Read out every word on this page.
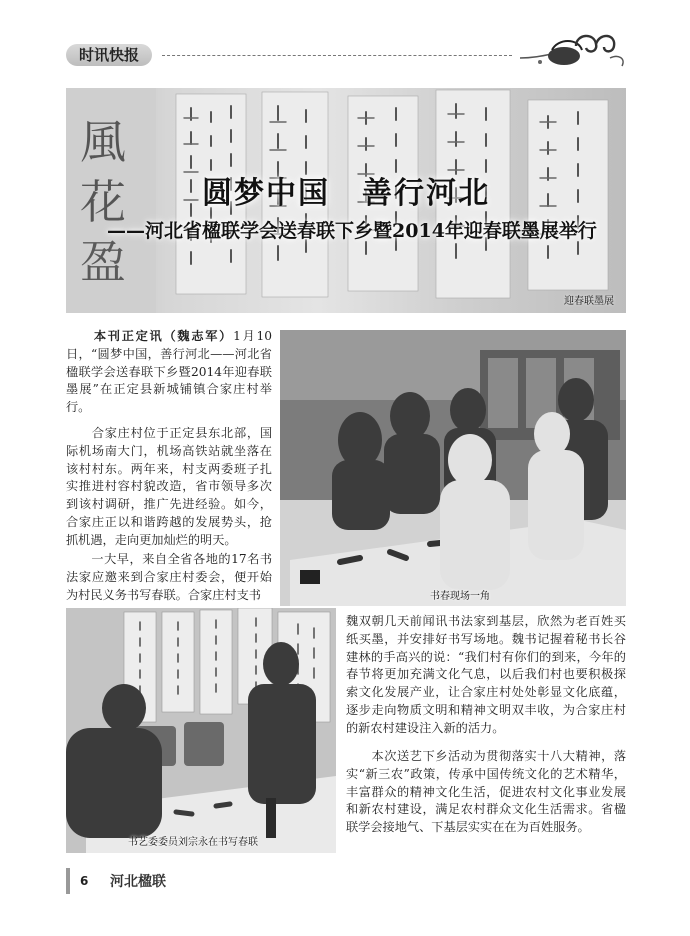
时讯快报
風
花
盈
圆梦中国　善行河北
——河北省楹联学会送春联下乡暨2014年迎春联墨展举行
迎春联墨展

　　本刊正定讯（魏志军）1月10日，“圆梦中国，善行河北——河北省楹联学会送春联下乡暨2014年迎春联墨展”在正定县新城铺镇合家庄村举行。

　　合家庄村位于正定县东北部，国际机场南大门，机场高铁站就坐落在该村村东。两年来，村支两委班子扎实推进村容村貌改造，省市领导多次到该村调研，推广先进经验。如今，合家庄正以和谐跨越的发展势头，抢抓机遇，走向更加灿烂的明天。

　　一大早，来自全省各地的17名书法家应邀来到合家庄村委会，便开始为村民义务书写春联。合家庄村支书

魏双朝几天前闻讯书法家到基层，欣然为老百姓买纸买墨，并安排好书写场地。魏书记握着秘书长谷建林的手高兴的说：“我们村有你们的到来，今年的春节将更加充满文化气息，以后我们村也要积极探索文化发展产业，让合家庄村处处彰显文化底蕴，逐步走向物质文明和精神文明双丰收，为合家庄村的新农村建设注入新的活力。

　　本次送艺下乡活动为贯彻落实十八大精神，落实“新三农”政策，传承中国传统文化的艺术精华，丰富群众的精神文化生活，促进农村文化事业发展和新农村建设，满足农村群众文化生活需求。省楹联学会接地气、下基层实实在在为百姓服务。

书春现场一角
书艺委委员刘宗永在书写春联
6 河北楹联
